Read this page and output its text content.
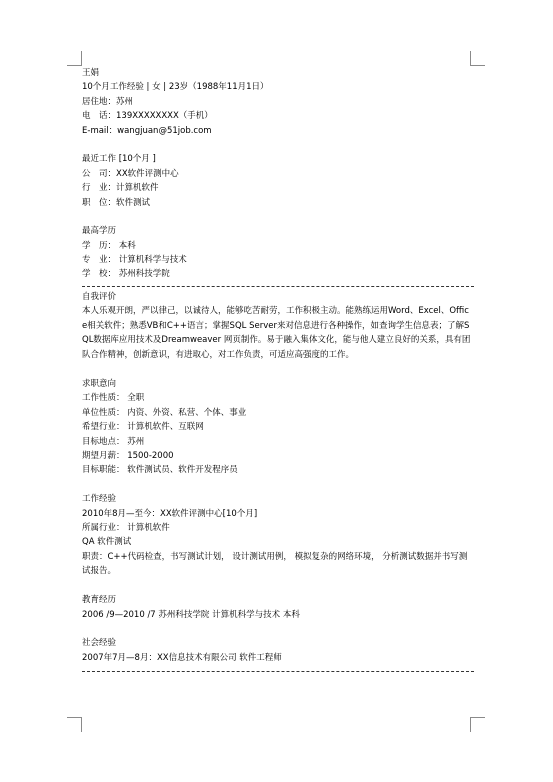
王娟
10个月工作经验 | 女 | 23岁（1988年11月1日）
居住地：苏州
电　话：139XXXXXXXX（手机）
E-mail：wangjuan@51job.com
最近工作 [10个月 ]
公　司：XX软件评测中心
行　业：计算机软件
职　位：软件测试
最高学历
学　历： 本科
专　业： 计算机科学与技术
学　校： 苏州科技学院
自我评价
本人乐观开朗，严以律己，以诚待人，能够吃苦耐劳，工作积极主动。能熟练运用Word、Excel、Office相关软件；熟悉VB和C++语言；掌握SQL Server来对信息进行各种操作，如查询学生信息表；了解SQL数据库应用技术及Dreamweaver 网页制作。易于融入集体文化，能与他人建立良好的关系，具有团队合作精神，创新意识，有进取心，对工作负责，可适应高强度的工作。
求职意向
工作性质： 全职
单位性质： 内资、外资、私营、个体、事业
希望行业： 计算机软件、互联网
目标地点： 苏州
期望月薪： 1500-2000
目标职能： 软件测试员、软件开发程序员
工作经验
2010年8月—至今：XX软件评测中心[10个月]
所属行业： 计算机软件
QA 软件测试
职责：C++代码检查，书写测试计划， 设计测试用例， 模拟复杂的网络环境， 分析测试数据并书写测试报告。
教育经历
2006 /9—2010 /7 苏州科技学院 计算机科学与技术 本科
社会经验
2007年7月—8月：XX信息技术有限公司 软件工程师
